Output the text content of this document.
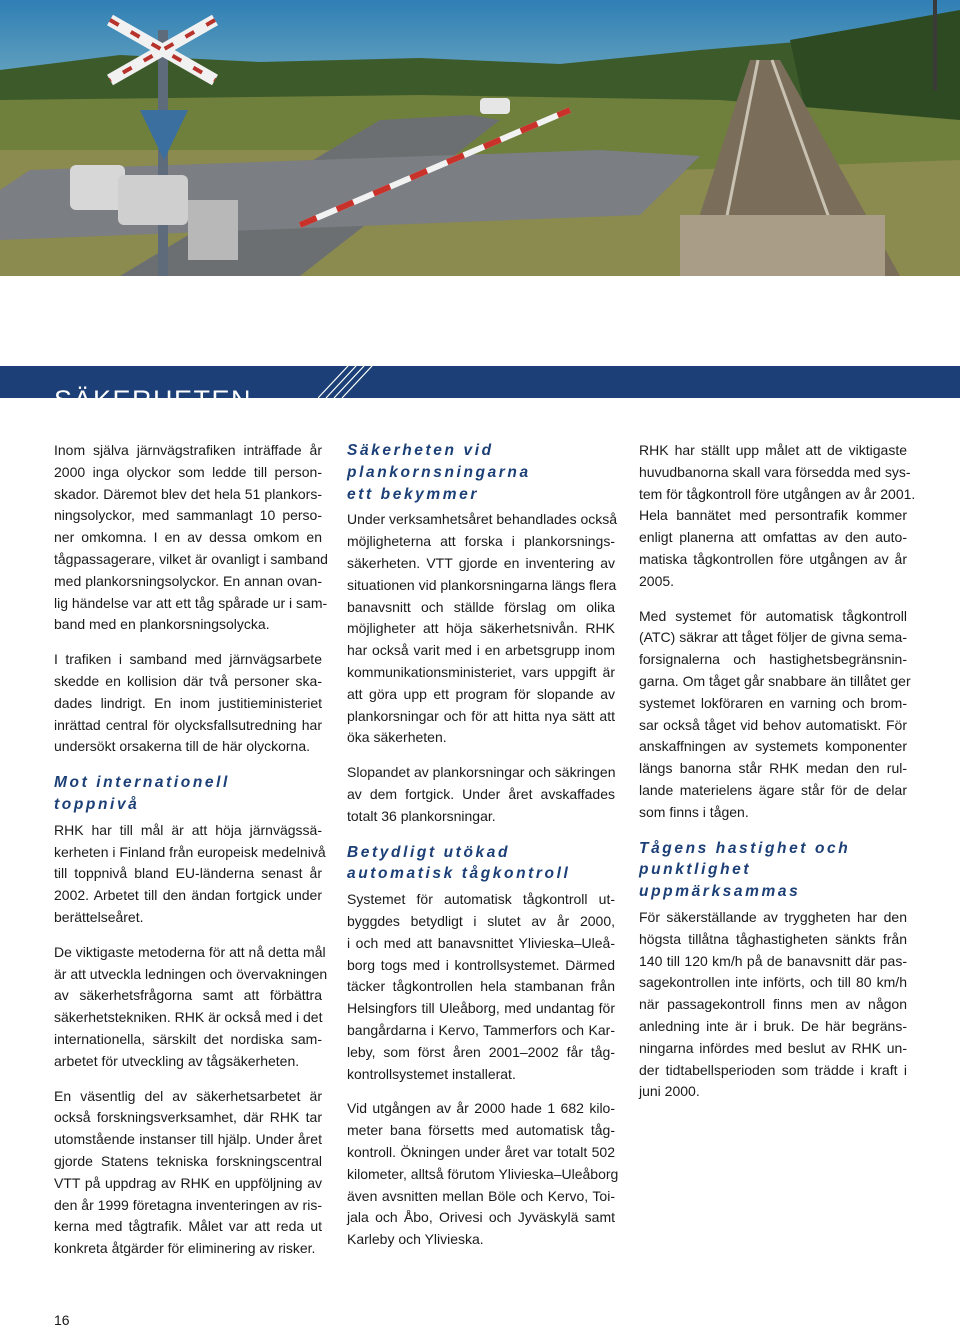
SÄKERHETEN
Inom själva järnvägstrafiken inträffade år
2000 inga olyckor som ledde till person-
skador. Däremot blev det hela 51 plankors-
ningsolyckor, med sammanlagt 10 perso-
ner omkomna. I en av dessa omkom en
tågpassagerare, vilket är ovanligt i samband
med plankorsningsolyckor. En annan ovan-
lig händelse var att ett tåg spårade ur i sam-
band med en plankorsningsolycka.
I trafiken i samband med järnvägsarbete
skedde en kollision där två personer ska-
dades lindrigt. En inom justitieministeriet
inrättad central för olycksfallsutredning har
undersökt orsakerna till de här olyckorna.
Mot internationell
toppnivå
RHK har till mål är att höja järnvägssä-
kerheten i Finland från europeisk medelnivå
till toppnivå bland EU-länderna senast år
2002. Arbetet till den ändan fortgick under
berättelseåret.
De viktigaste metoderna för att nå detta mål
är att utveckla ledningen och övervakningen
av säkerhetsfrågorna samt att förbättra
säkerhetstekniken. RHK är också med i det
internationella, särskilt det nordiska sam-
arbetet för utveckling av tågsäkerheten.
En väsentlig del av säkerhetsarbetet är
också forskningsverksamhet, där RHK tar
utomstående instanser till hjälp. Under året
gjorde Statens tekniska forskningscentral
VTT på uppdrag av RHK en uppföljning av
den år 1999 företagna inventeringen av ris-
kerna med tågtrafik. Målet var att reda ut
konkreta åtgärder för eliminering av risker.
Säkerheten vid
plankornsningarna
ett bekymmer
Under verksamhetsåret behandlades också
möjligheterna att forska i plankorsnings-
säkerheten. VTT gjorde en inventering av
situationen vid plankorsningarna längs flera
banavsnitt och ställde förslag om olika
möjligheter att höja säkerhetsnivån. RHK
har också varit med i en arbetsgrupp inom
kommunikationsministeriet, vars uppgift är
att göra upp ett program för slopande av
plankorsningar och för att hitta nya sätt att
öka säkerheten.
Slopandet av plankorsningar och säkringen
av dem fortgick. Under året avskaffades
totalt 36 plankorsningar.
Betydligt utökad
automatisk tågkontroll
Systemet för automatisk tågkontroll ut-
byggdes betydligt i slutet av år 2000,
i och med att banavsnittet Ylivieska–Uleå-
borg togs med i kontrollsystemet. Därmed
täcker tågkontrollen hela stambanan från
Helsingfors till Uleåborg, med undantag för
bangårdarna i Kervo, Tammerfors och Kar-
leby, som först åren 2001–2002 får tåg-
kontrollsystemet installerat.
Vid utgången av år 2000 hade 1 682 kilo-
meter bana försetts med automatisk tåg-
kontroll. Ökningen under året var totalt 502
kilometer, alltså förutom Ylivieska–Uleåborg
även avsnitten mellan Böle och Kervo, Toi-
jala och Åbo, Orivesi och Jyväskylä samt
Karleby och Ylivieska.
RHK har ställt upp målet att de viktigaste
huvudbanorna skall vara försedda med sys-
tem för tågkontroll före utgången av år 2001.
Hela bannätet med persontrafik kommer
enligt planerna att omfattas av den auto-
matiska tågkontrollen före utgången av år
2005.
Med systemet för automatisk tågkontroll
(ATC) säkrar att tåget följer de givna sema-
forsignalerna och hastighetsbegränsnin-
garna. Om tåget går snabbare än tillåtet ger
systemet lokföraren en varning och brom-
sar också tåget vid behov automatiskt. För
anskaffningen av systemets komponenter
längs banorna står RHK medan den rul-
lande materielens ägare står för de delar
som finns i tågen.
Tågens hastighet och
punktlighet
uppmärksammas
För säkerställande av tryggheten har den
högsta tillåtna tåghastigheten sänkts från
140 till 120 km/h på de banavsnitt där pas-
sagekontrollen inte införts, och till 80 km/h
när passagekontroll finns men av någon
anledning inte är i bruk. De här begräns-
ningarna infördes med beslut av RHK un-
der tidtabellsperioden som trädde i kraft i
juni 2000.
16
